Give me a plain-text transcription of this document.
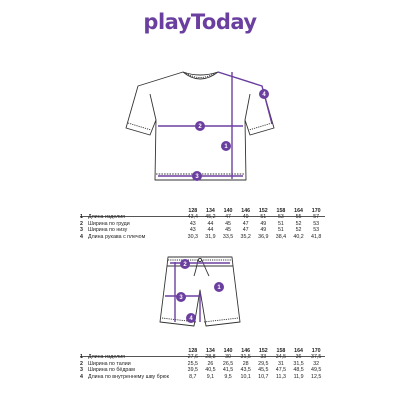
playToday
2
1
3
4
		128	134	140	146	152	158	164	170
1	Длина изделия	43,4	45,2	47	49	51	53	55	57
2	Ширина по груди	43	44	45	47	49	51	52	53
3	Ширина по низу	43	44	45	47	49	51	52	53
4	Длина рукава с плечом	30,3	31,9	33,5	35,2	36,9	38,4	40,2	41,8
2
1
3
4
		128	134	140	146	152	158	164	170
1	Длина изделия	27,6	28,8	30	31,5	33	34,5	36	37,5
2	Ширина по талии	25,5	26	26,5	28	29,5	31	31,5	32
3	Ширина по бёдрам	39,5	40,5	41,5	43,5	45,5	47,5	48,5	49,5
4	Длина по внутреннему шву брюк	8,7	9,1	9,5	10,1	10,7	11,3	11,9	12,5
